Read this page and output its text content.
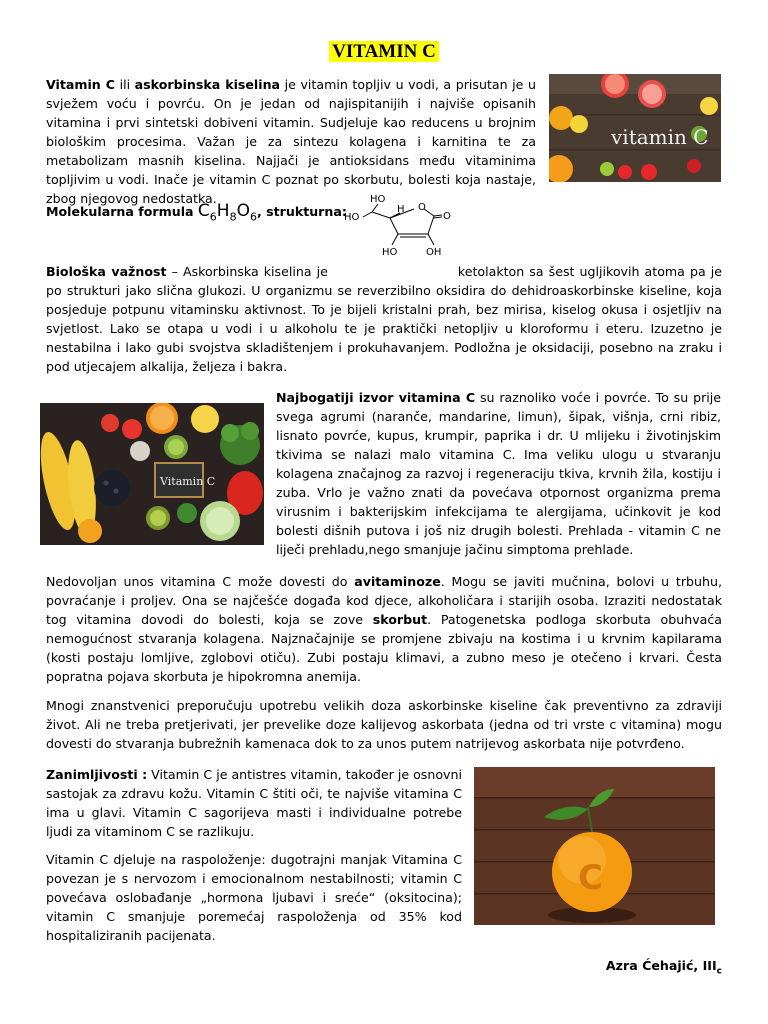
VITAMIN C
vitamin C

Vitamin C ili askorbinska kiselina je vitamin topljiv u vodi, a prisutan je u svježem voću i povrću. On je jedan od najispitanijih i najviše opisanih vitamina i prvi sintetski dobiveni vitamin. Sudjeluje kao reducens u brojnim biološkim procesima. Važan je za sintezu kolagena i karnitina te za metabolizam masnih kiselina. Najjači je antioksidans među vitaminima topljivim u vodi. Inače je vitamin C poznat po skorbutu, bolesti koja nastaje, zbog njegovog nedostatka.

Molekularna formula $C_6H_8O_6$, strukturna:
HO
H
HO
O
O
HO	OH

Biološka važnost – Askorbinska kiselina je	ketolakton sa šest ugljikovih atoma pa je po strukturi jako slična glukozi. U organizmu se reverzibilno oksidira do dehidroaskorbinske kiseline, koja posjeduje potpunu vitaminsku aktivnost. To je bijeli kristalni prah, bez mirisa, kiselog okusa i osjetljiv na svjetlost. Lako se otapa u vodi i u alkoholu te je praktički netopljiv u kloroformu i eteru. Izuzetno je nestabilna i lako gubi svojstva skladištenjem i prokuhavanjem. Podložna je oksidaciji, posebno na zraku i pod utjecajem alkalija, željeza i bakra.

Vitamin C

Najbogatiji izvor vitamina C su raznoliko voće i povrće. To su prije svega agrumi (naranče, mandarine, limun), šipak, višnja, crni ribiz, lisnato povrće, kupus, krumpir, paprika i dr. U mlijeku i životinjskim tkivima se nalazi malo vitamina C. Ima veliku ulogu u stvaranju kolagena značajnog za razvoj i regeneraciju tkiva, krvnih žila, kostiju i zuba. Vrlo je važno znati da povećava otpornost organizma prema virusnim i bakterijskim infekcijama te alergijama, učinkovit je kod bolesti dišnih putova i još niz drugih bolesti. Prehlada - vitamin C ne liječi prehladu,nego smanjuje jačinu simptoma prehlade.

Nedovoljan unos vitamina C može dovesti do avitaminoze. Mogu se javiti mučnina, bolovi u trbuhu, povraćanje i proljev. Ona se najčešće događa kod djece, alkoholičara i starijih osoba. Izraziti nedostatak tog vitamina dovodi do bolesti, koja se zove skorbut. Patogenetska podloga skorbuta obuhvaća nemogućnost stvaranja kolagena. Najznačajnije se promjene zbivaju na kostima i u krvnim kapilarama (kosti postaju lomljive, zglobovi otiču). Zubi postaju klimavi, a zubno meso je otečeno i krvari. Česta popratna pojava skorbuta je hipokromna anemija.

Mnogi znanstvenici preporučuju upotrebu velikih doza askorbinske kiseline čak preventivno za zdraviji život. Ali ne treba pretjerivati, jer prevelike doze kalijevog askorbata (jedna od tri vrste c vitamina) mogu dovesti do stvaranja bubrežnih kamenaca dok to za unos putem natrijevog askorbata nije potvrđeno.

Zanimljivosti : Vitamin C je antistres vitamin, također je osnovni sastojak za zdravu kožu. Vitamin C štiti oči, te najviše vitamina C ima u glavi. Vitamin C sagorijeva masti i individualne potrebe ljudi za vitaminom C se razlikuju.

C

Vitamin C djeluje na raspoloženje: dugotrajni manjak Vitamina C povezan je s nervozom i emocionalnom nestabilnosti; vitamin C povećava oslobađanje „hormona ljubavi i sreće“ (oksitocina); vitamin C smanjuje poremećaj raspoloženja od 35% kod hospitaliziranih pacijenata.

Azra Ćehajić, $III_c$
